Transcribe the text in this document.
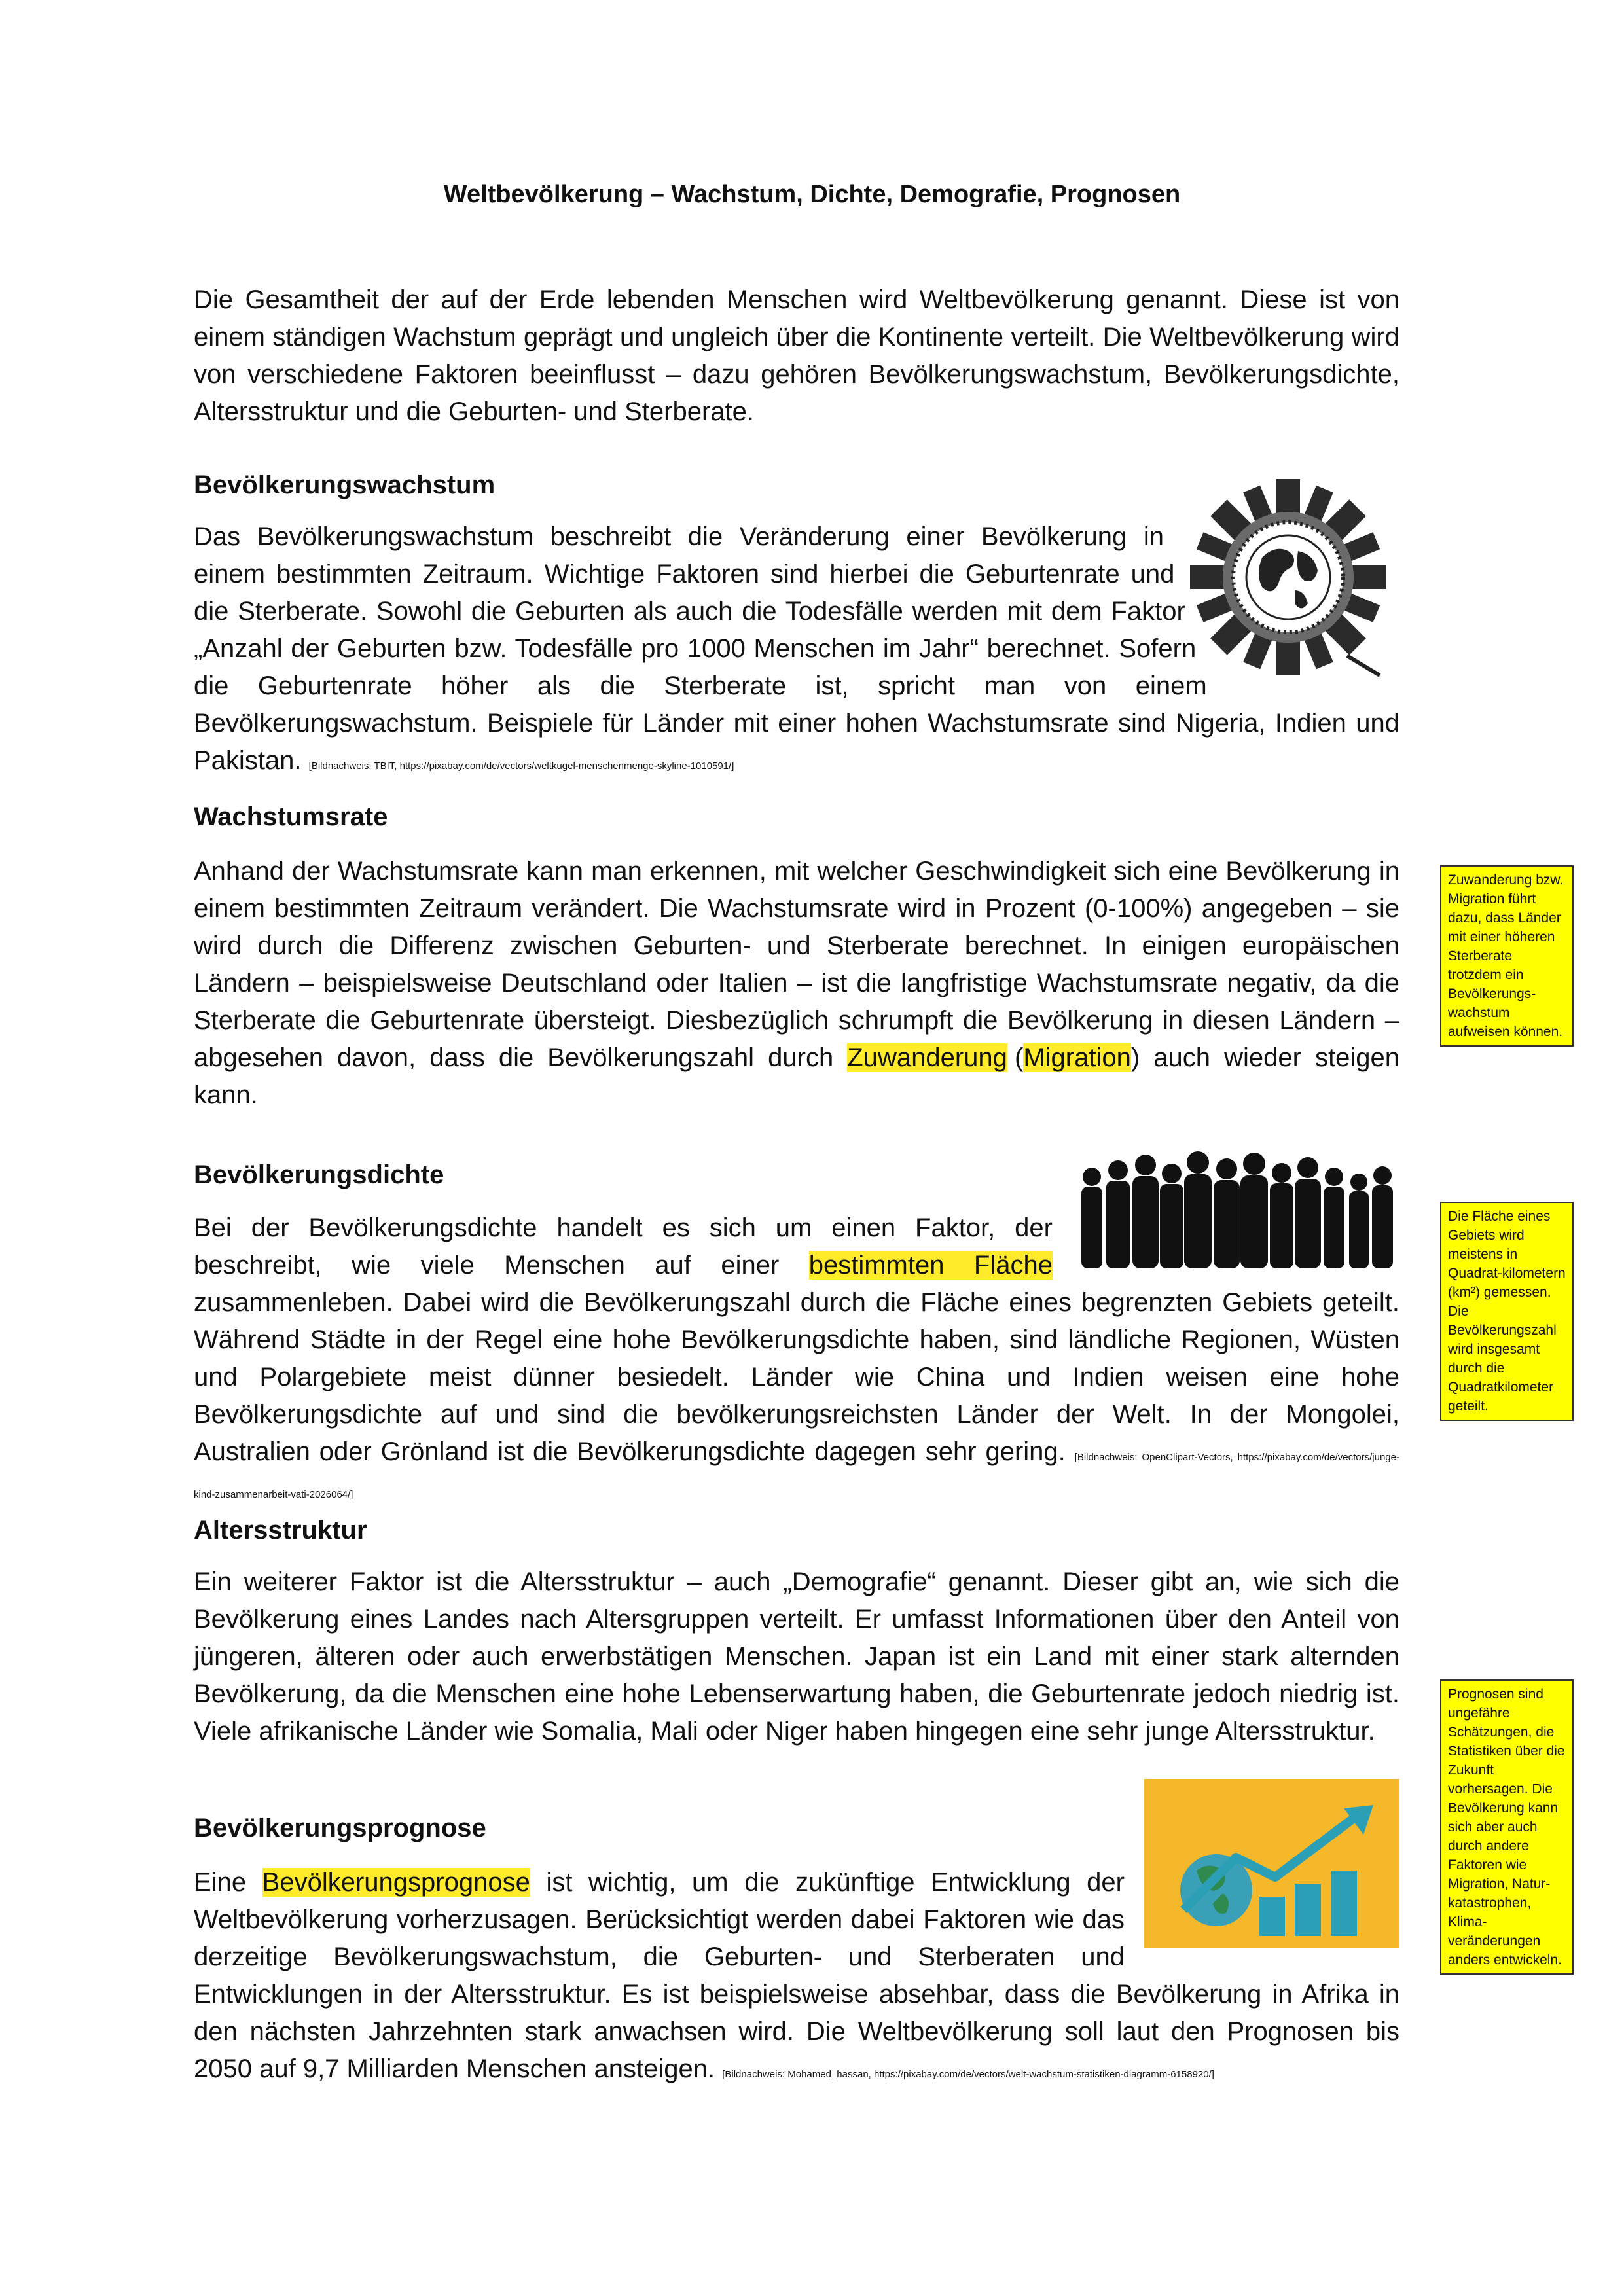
Weltbevölkerung – Wachstum, Dichte, Demografie, Prognosen

Die Gesamtheit der auf der Erde lebenden Menschen wird Weltbevölkerung genannt. Diese ist von einem ständigen Wachstum geprägt und ungleich über die Kontinente verteilt. Die Weltbevölkerung wird von verschiedene Faktoren beeinflusst – dazu gehören Bevölkerungswachstum, Bevölkerungsdichte, Altersstruktur und die Geburten- und Sterberate.

Bevölkerungswachstum

Das Bevölkerungswachstum beschreibt die Veränderung einer Bevölkerung in einem bestimmten Zeitraum. Wichtige Faktoren sind hierbei die Geburtenrate und die Sterberate. Sowohl die Geburten als auch die Todesfälle werden mit dem Faktor „Anzahl der Geburten bzw. Todesfälle pro 1000 Menschen im Jahr“ berechnet. Sofern die Geburtenrate höher als die Sterberate ist, spricht man von einem Bevölkerungswachstum. Beispiele für Länder mit einer hohen Wachstumsrate sind Nigeria, Indien und Pakistan. [Bildnachweis: TBIT, https://pixabay.com/de/vectors/weltkugel-menschenmenge-skyline-1010591/]

Wachstumsrate

Anhand der Wachstumsrate kann man erkennen, mit welcher Geschwindigkeit sich eine Bevölkerung in einem bestimmten Zeitraum verändert. Die Wachstumsrate wird in Prozent (0-100%) angegeben – sie wird durch die Differenz zwischen Geburten- und Sterberate berechnet. In einigen europäischen Ländern – beispielsweise Deutschland oder Italien – ist die langfristige Wachstumsrate negativ, da die Sterberate die Geburtenrate übersteigt. Diesbezüglich schrumpft die Bevölkerung in diesen Ländern – abgesehen davon, dass die Bevölkerungszahl durch Zuwanderung (Migration) auch wieder steigen kann.

Zuwanderung bzw. Migration führt dazu, dass Länder mit einer höheren Sterberate trotzdem ein Bevölkerungs-wachstum aufweisen können.
Bevölkerungsdichte

Bei der Bevölkerungsdichte handelt es sich um einen Faktor, der beschreibt, wie viele Menschen auf einer bestimmten Fläche zusammenleben. Dabei wird die Bevölkerungszahl durch die Fläche eines begrenzten Gebiets geteilt. Während Städte in der Regel eine hohe Bevölkerungsdichte haben, sind ländliche Regionen, Wüsten und Polargebiete meist dünner besiedelt. Länder wie China und Indien weisen eine hohe Bevölkerungsdichte auf und sind die bevölkerungsreichsten Länder der Welt. In der Mongolei, Australien oder Grönland ist die Bevölkerungsdichte dagegen sehr gering. [Bildnachweis: OpenClipart-Vectors, https://pixabay.com/de/vectors/junge-kind-zusammenarbeit-vati-2026064/]

Die Fläche eines Gebiets wird meistens in Quadrat-kilometern (km²) gemessen. Die Bevölkerungszahl wird insgesamt durch die Quadratkilometer geteilt.
Altersstruktur

Ein weiterer Faktor ist die Altersstruktur – auch „Demografie“ genannt. Dieser gibt an, wie sich die Bevölkerung eines Landes nach Altersgruppen verteilt. Er umfasst Informationen über den Anteil von jüngeren, älteren oder auch erwerbstätigen Menschen. Japan ist ein Land mit einer stark alternden Bevölkerung, da die Menschen eine hohe Lebenserwartung haben, die Geburtenrate jedoch niedrig ist. Viele afrikanische Länder wie Somalia, Mali oder Niger haben hingegen eine sehr junge Altersstruktur.

Bevölkerungsprognose

Eine Bevölkerungsprognose ist wichtig, um die zukünftige Entwicklung der Weltbevölkerung vorherzusagen. Berücksichtigt werden dabei Faktoren wie das derzeitige Bevölkerungswachstum, die Geburten- und Sterberaten und Entwicklungen in der Altersstruktur. Es ist beispielsweise absehbar, dass die Bevölkerung in Afrika in den nächsten Jahrzehnten stark anwachsen wird. Die Weltbevölkerung soll laut den Prognosen bis 2050 auf 9,7 Milliarden Menschen ansteigen. [Bildnachweis: Mohamed_hassan, https://pixabay.com/de/vectors/welt-wachstum-statistiken-diagramm-6158920/]

Prognosen sind ungefähre Schätzungen, die Statistiken über die Zukunft vorhersagen. Die Bevölkerung kann sich aber auch durch andere Faktoren wie Migration, Natur-katastrophen, Klima-veränderungen anders entwickeln.
